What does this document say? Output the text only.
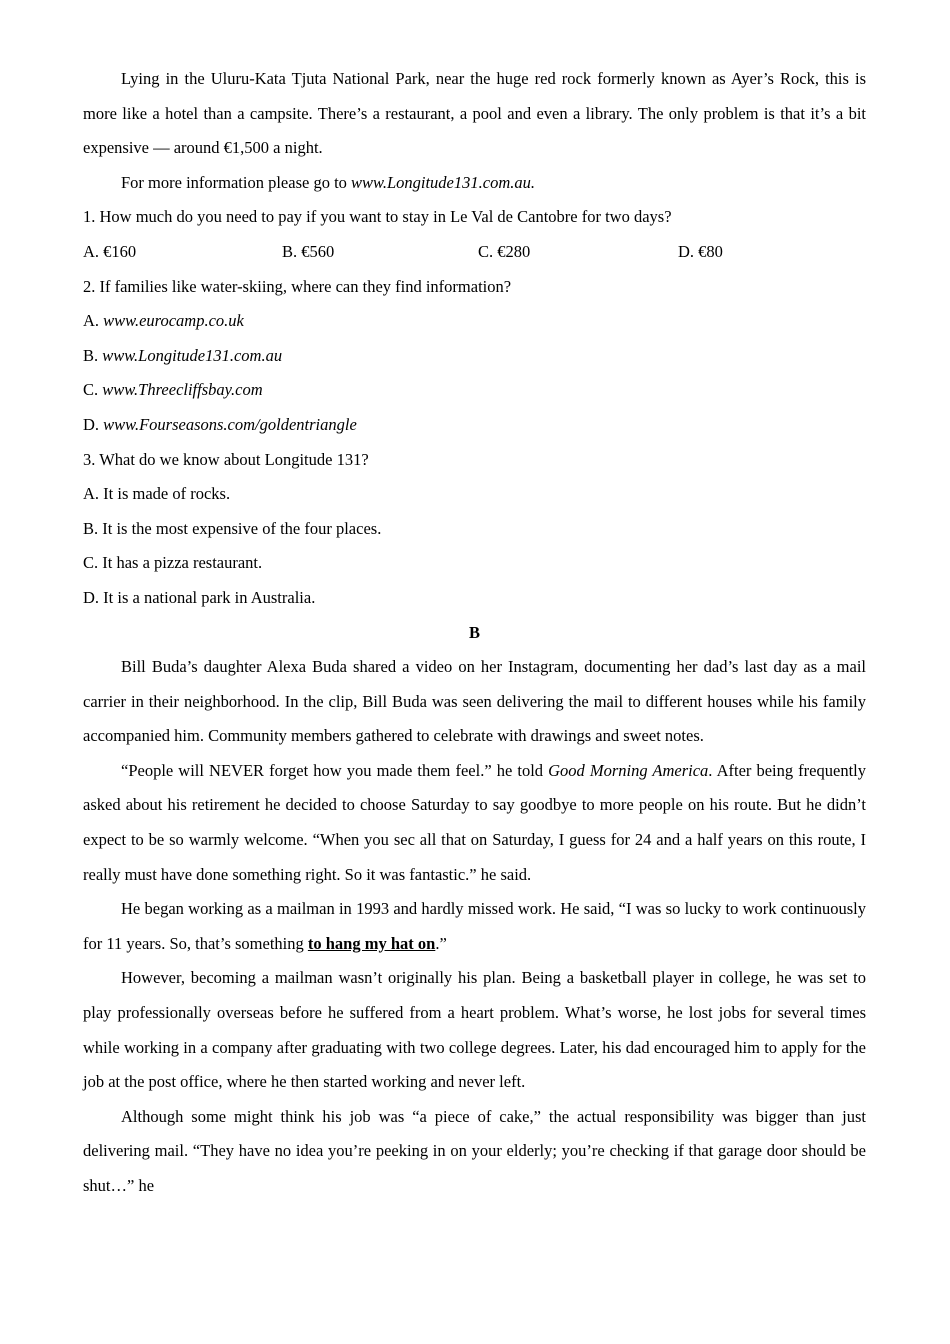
Lying in the Uluru-Kata Tjuta National Park, near the huge red rock formerly known as Ayer’s Rock, this is more like a hotel than a campsite. There’s a restaurant, a pool and even a library. The only problem is that it’s a bit expensive — around €1,500 a night.

For more information please go to www.Longitude131.com.au.

1. How much do you need to pay if you want to stay in Le Val de Cantobre for two days?

A. €160	B. €560	C. €280	D. €80

2. If families like water-skiing, where can they find information?

A. www.eurocamp.co.uk

B. www.Longitude131.com.au

C. www.Threecliffsbay.com

D. www.Fourseasons.com/goldentriangle

3. What do we know about Longitude 131?

A. It is made of rocks.

B. It is the most expensive of the four places.

C. It has a pizza restaurant.

D. It is a national park in Australia.

B

Bill Buda’s daughter Alexa Buda shared a video on her Instagram, documenting her dad’s last day as a mail carrier in their neighborhood. In the clip, Bill Buda was seen delivering the mail to different houses while his family accompanied him. Community members gathered to celebrate with drawings and sweet notes.

“People will NEVER forget how you made them feel.” he told Good Morning America. After being frequently asked about his retirement he decided to choose Saturday to say goodbye to more people on his route. But he didn’t expect to be so warmly welcome. “When you sec all that on Saturday, I guess for 24 and a half years on this route, I really must have done something right. So it was fantastic.” he said.

He began working as a mailman in 1993 and hardly missed work. He said, “I was so lucky to work continuously for 11 years. So, that’s something to hang my hat on.”

However, becoming a mailman wasn’t originally his plan. Being a basketball player in college, he was set to play professionally overseas before he suffered from a heart problem. What’s worse, he lost jobs for several times while working in a company after graduating with two college degrees. Later, his dad encouraged him to apply for the job at the post office, where he then started working and never left.

Although some might think his job was “a piece of cake,” the actual responsibility was bigger than just delivering mail. “They have no idea you’re peeking in on your elderly; you’re checking if that garage door should be shut…” he
